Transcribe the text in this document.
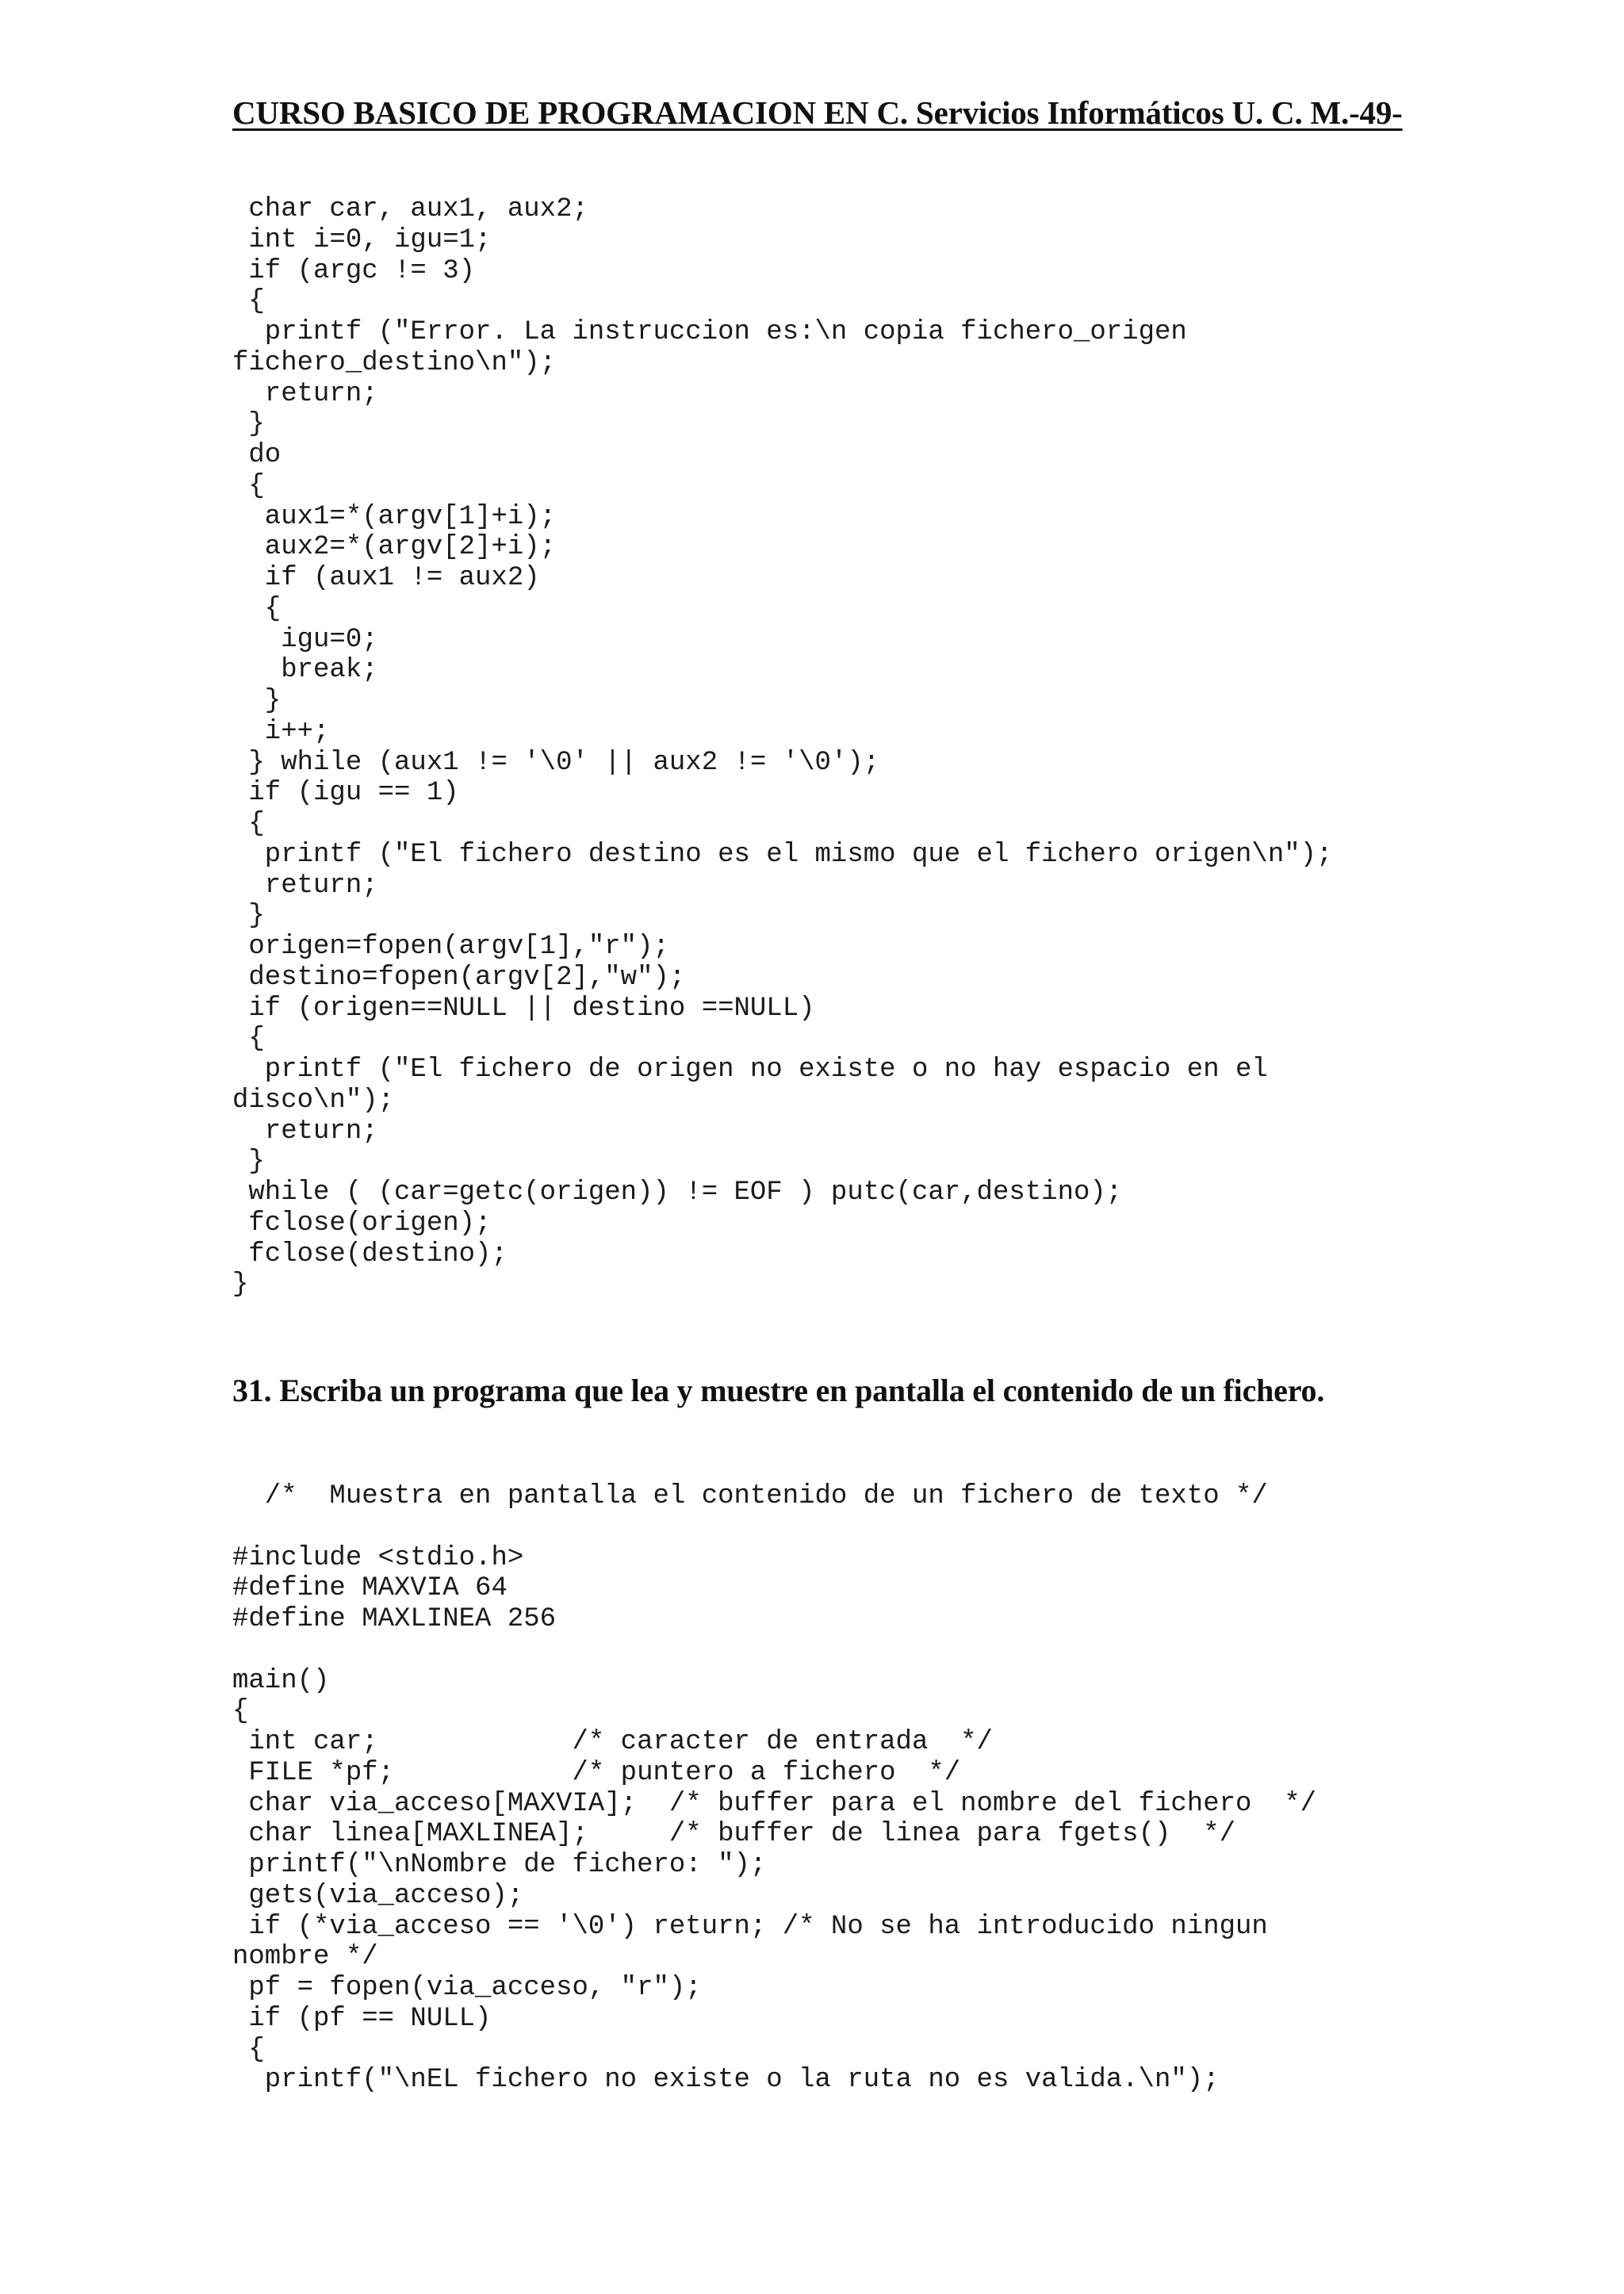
CURSO BASICO DE PROGRAMACION EN C. Servicios Informáticos U. C. M.-49-
char car, aux1, aux2;
int i=0, igu=1;
if (argc != 3)
{
printf ("Error. La instruccion es:\n copia fichero_origen
fichero_destino\n");
return;
}
do
{
aux1=*(argv[1]+i);
aux2=*(argv[2]+i);
if (aux1 != aux2)
{
igu=0;
break;
}
i++;
} while (aux1 != '\0' || aux2 != '\0');
if (igu == 1)
{
printf ("El fichero destino es el mismo que el fichero origen\n");
return;
}
origen=fopen(argv[1],"r");
destino=fopen(argv[2],"w");
if (origen==NULL || destino ==NULL)
{
printf ("El fichero de origen no existe o no hay espacio en el
disco\n");
return;
}
while ( (car=getc(origen)) != EOF ) putc(car,destino);
fclose(origen);
fclose(destino);
}
31. Escriba un programa que lea y muestre en pantalla el contenido de un fichero.
/*  Muestra en pantalla el contenido de un fichero de texto */

#include <stdio.h>
#define MAXVIA 64
#define MAXLINEA 256

main()
{
int car;            /* caracter de entrada  */
FILE *pf;           /* puntero a fichero  */
char via_acceso[MAXVIA];  /* buffer para el nombre del fichero  */
char linea[MAXLINEA];     /* buffer de linea para fgets()  */
printf("\nNombre de fichero: ");
gets(via_acceso);
if (*via_acceso == '\0') return; /* No se ha introducido ningun
nombre */
pf = fopen(via_acceso, "r");
if (pf == NULL)
{
printf("\nEL fichero no existe o la ruta no es valida.\n");
